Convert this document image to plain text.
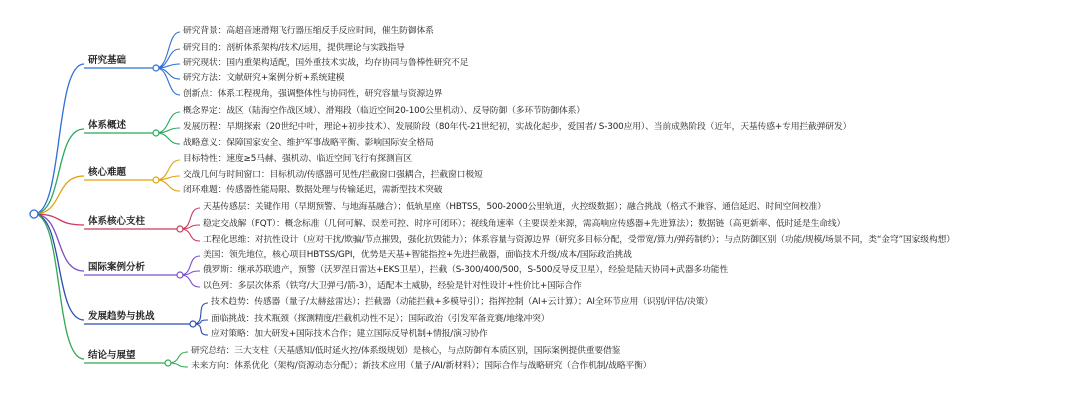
研究基础
研究背景：高超音速滑翔飞行器压缩反手反应时间，催生防御体系
研究目的：剖析体系架构/技术/运用，提供理论与实践指导
研究现状：国内重架构适配，国外重技术实战，均存协同与鲁棒性研究不足
研究方法：文献研究+案例分析+系统建模
创新点：体系工程视角，强调整体性与协同性，研究容量与资源边界
体系概述
概念界定：战区（陆海空作战区域）、滑翔段（临近空间20-100公里机动）、反导防御（多环节防御体系）
发展历程：早期探索（20世纪中叶，理论+初步技术）、发展阶段（80年代-21世纪初，实战化起步，爱国者/ S-300应用）、当前成熟阶段（近年，天基传感+专用拦截弹研发）
战略意义：保障国家安全、维护军事战略平衡、影响国际安全格局
核心难题
目标特性：速度≥5马赫、强机动、临近空间飞行有探测盲区
交战几何与时间窗口：目标机动/传感器可见性/拦截窗口强耦合，拦截窗口极短
闭环难题：传感器性能局限、数据处理与传输延迟，需新型技术突破
体系核心支柱
天基传感层：关键作用（早期预警、与地海基融合）；低轨星座（HBTSS，500-2000公里轨道，火控级数据）；融合挑战（格式不兼容、通信延迟、时间空间校准）
稳定交战解（FQT）：概念标准（几何可解、误差可控、时序可闭环）；视线角速率（主要误差来源，需高响应传感器+先进算法）；数据链（高更新率、低时延是生命线）
工程化思维：对抗性设计（应对干扰/欺骗/节点摧毁，强化抗毁能力）；体系容量与资源边界（研究多目标分配，受带宽/算力/弹药制约）；与点防御区别（功能/规模/场景不同，类“金穹”国家级构想）
国际案例分析
美国：领先地位，核心项目HBTSS/GPI，优势是天基+智能指控+先进拦截器，面临技术升级/成本/国际政治挑战
俄罗斯：继承苏联遗产，预警（沃罗涅日雷达+EKS卫星），拦截（S-300/400/500，S-500反导反卫星），经验是陆天协同+武器多功能性
以色列：多层次体系（铁穹/大卫弹弓/箭-3），适配本土威胁，经验是针对性设计+性价比+国际合作
发展趋势与挑战
技术趋势：传感器（量子/太赫兹雷达）；拦截器（动能拦截+多模导引）；指挥控制（AI+云计算）；AI全环节应用（识别/评估/决策）
面临挑战：技术瓶颈（探测精度/拦截机动性不足）；国际政治（引发军备竞赛/地缘冲突）
应对策略：加大研发+国际技术合作；建立国际反导机制+情报/演习协作
结论与展望	研究总结：三大支柱（天基感知/低时延火控/体系级规划）是核心，与点防御有本质区别，国际案例提供重要借鉴
未来方向：体系优化（架构/资源动态分配）；新技术应用（量子/AI/新材料）；国际合作与战略研究（合作机制/战略平衡）
